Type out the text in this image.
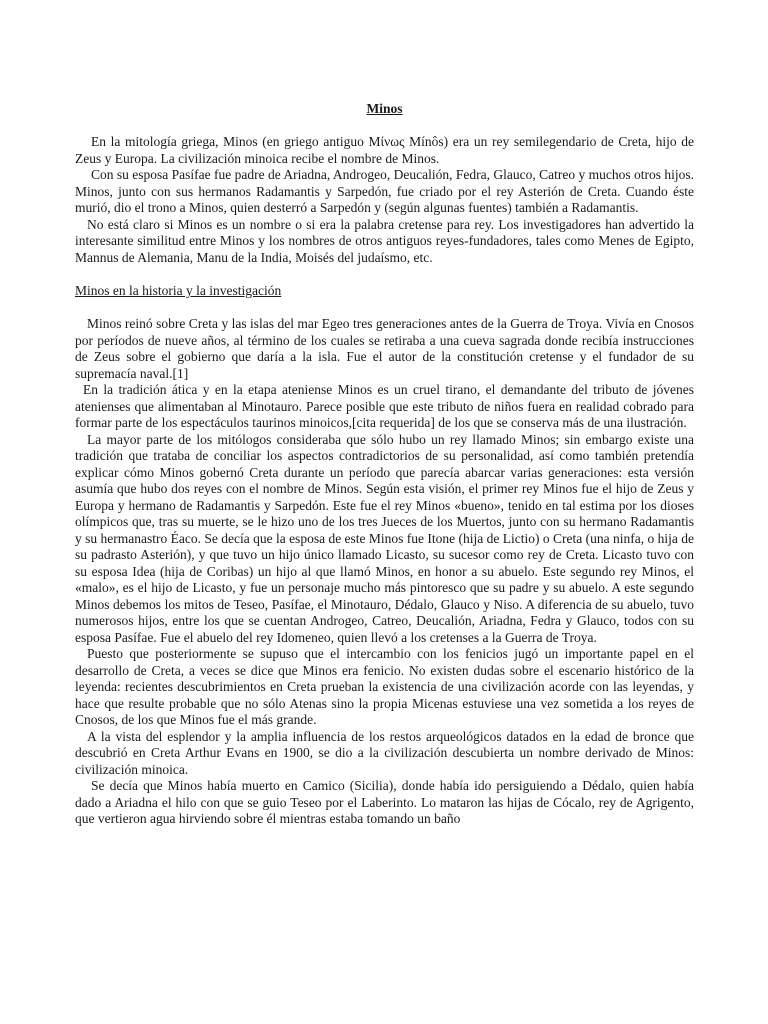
Minos

En la mitología griega, Minos (en griego antiguo Μίνως Mínôs) era un rey semilegendario de Creta, hijo de Zeus y Europa. La civilización minoica recibe el nombre de Minos.

Con su esposa Pasífae fue padre de Ariadna, Androgeo, Deucalión, Fedra, Glauco, Catreo y muchos otros hijos. Minos, junto con sus hermanos Radamantis y Sarpedón, fue criado por el rey Asterión de Creta. Cuando éste murió, dio el trono a Minos, quien desterró a Sarpedón y (según algunas fuentes) también a Radamantis.

No está claro si Minos es un nombre o si era la palabra cretense para rey. Los investigadores han advertido la interesante similitud entre Minos y los nombres de otros antiguos reyes-fundadores, tales como Menes de Egipto, Mannus de Alemania, Manu de la India, Moisés del judaísmo, etc.

Minos en la historia y la investigación

Minos reinó sobre Creta y las islas del mar Egeo tres generaciones antes de la Guerra de Troya. Vivía en Cnosos por períodos de nueve años, al término de los cuales se retiraba a una cueva sagrada donde recibía instrucciones de Zeus sobre el gobierno que daría a la isla. Fue el autor de la constitución cretense y el fundador de su supremacía naval.[1]

En la tradición ática y en la etapa ateniense Minos es un cruel tirano, el demandante del tributo de jóvenes atenienses que alimentaban al Minotauro. Parece posible que este tributo de niños fuera en realidad cobrado para formar parte de los espectáculos taurinos minoicos,[cita requerida] de los que se conserva más de una ilustración.

La mayor parte de los mitólogos consideraba que sólo hubo un rey llamado Minos; sin embargo existe una tradición que trataba de conciliar los aspectos contradictorios de su personalidad, así como también pretendía explicar cómo Minos gobernó Creta durante un período que parecía abarcar varias generaciones: esta versión asumía que hubo dos reyes con el nombre de Minos. Según esta visión, el primer rey Minos fue el hijo de Zeus y Europa y hermano de Radamantis y Sarpedón. Este fue el rey Minos «bueno», tenido en tal estima por los dioses olímpicos que, tras su muerte, se le hizo uno de los tres Jueces de los Muertos, junto con su hermano Radamantis y su hermanastro Éaco. Se decía que la esposa de este Minos fue Itone (hija de Lictio) o Creta (una ninfa, o hija de su padrasto Asterión), y que tuvo un hijo único llamado Licasto, su sucesor como rey de Creta. Licasto tuvo con su esposa Idea (hija de Coribas) un hijo al que llamó Minos, en honor a su abuelo. Este segundo rey Minos, el «malo», es el hijo de Licasto, y fue un personaje mucho más pintoresco que su padre y su abuelo. A este segundo Minos debemos los mitos de Teseo, Pasífae, el Minotauro, Dédalo, Glauco y Niso. A diferencia de su abuelo, tuvo numerosos hijos, entre los que se cuentan Androgeo, Catreo, Deucalión, Ariadna, Fedra y Glauco, todos con su esposa Pasífae. Fue el abuelo del rey Idomeneo, quien llevó a los cretenses a la Guerra de Troya.

Puesto que posteriormente se supuso que el intercambio con los fenicios jugó un importante papel en el desarrollo de Creta, a veces se dice que Minos era fenicio. No existen dudas sobre el escenario histórico de la leyenda: recientes descubrimientos en Creta prueban la existencia de una civilización acorde con las leyendas, y hace que resulte probable que no sólo Atenas sino la propia Micenas estuviese una vez sometida a los reyes de Cnosos, de los que Minos fue el más grande.

A la vista del esplendor y la amplia influencia de los restos arqueológicos datados en la edad de bronce que descubrió en Creta Arthur Evans en 1900, se dio a la civilización descubierta un nombre derivado de Minos: civilización minoica.

Se decía que Minos había muerto en Camico (Sicilia), donde había ido persiguiendo a Dédalo, quien había dado a Ariadna el hilo con que se guio Teseo por el Laberinto. Lo mataron las hijas de Cócalo, rey de Agrigento, que vertieron agua hirviendo sobre él mientras estaba tomando un baño
